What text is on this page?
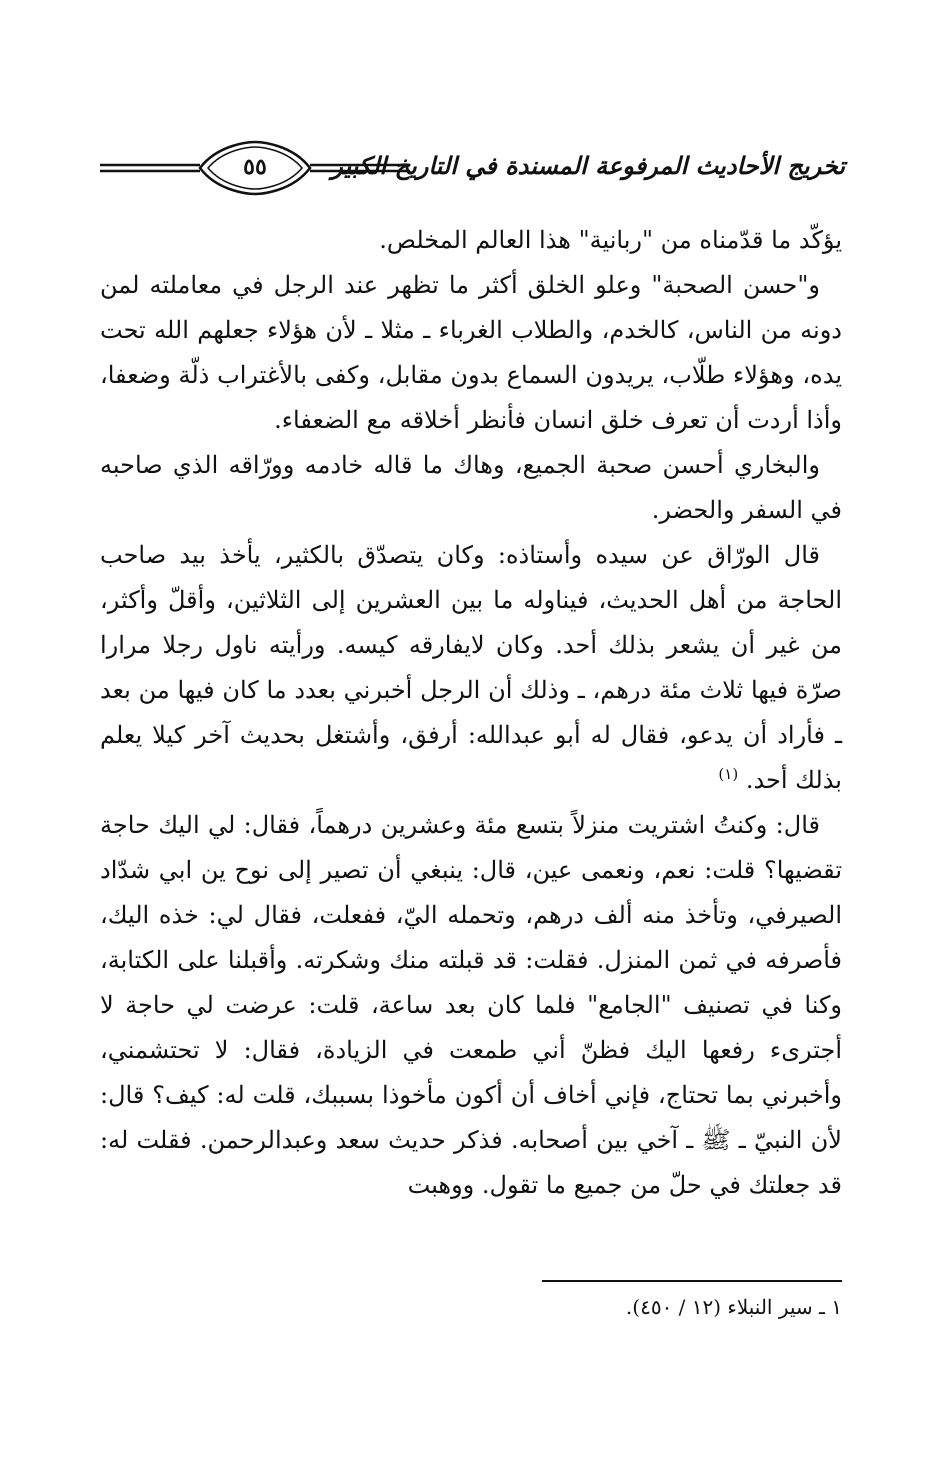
٥٥	تخريج الأحاديث المرفوعة المسندة في التاريخ الكبير

يؤكّد ما قدّمناه من "ربانية" هذا العالم المخلص.

و"حسن الصحبة" وعلو الخلق أكثر ما تظهر عند الرجل في معاملته لمن دونه من الناس، كالخدم، والطلاب الغرباء ـ مثلا ـ لأن هؤلاء جعلهم الله تحت يده، وهؤلاء طلّاب، يريدون السماع بدون مقابل، وكفى بالأغتراب ذلّة وضعفا، وأذا أردت أن تعرف خلق انسان فأنظر أخلاقه مع الضعفاء.

والبخاري أحسن صحبة الجميع، وهاك ما قاله خادمه وورّاقه الذي صاحبه في السفر والحضر.

قال الورّاق عن سيده وأستاذه: وكان يتصدّق بالكثير، يأخذ بيد صاحب الحاجة من أهل الحديث، فيناوله ما بين العشرين إلى الثلاثين، وأقلّ وأكثر، من غير أن يشعر بذلك أحد. وكان لايفارقه كيسه. ورأيته ناول رجلا مرارا صرّة فيها ثلاث مئة درهم، ـ وذلك أن الرجل أخبرني بعدد ما كان فيها من بعد ـ فأراد أن يدعو، فقال له أبو عبدالله: أرفق، وأشتغل بحديث آخر كيلا يعلم بذلك أحد. $^{(١)}$

قال: وكنتُ اشتريت منزلاً بتسع مئة وعشرين درهماً، فقال: لي اليك حاجة تقضيها؟ قلت: نعم، ونعمى عين، قال: ينبغي أن تصير إلى نوح ين ابي شدّاد الصيرفي، وتأخذ منه ألف درهم، وتحمله اليّ، ففعلت، فقال لي: خذه اليك، فأصرفه في ثمن المنزل. فقلت: قد قبلته منك وشكرته. وأقبلنا على الكتابة، وكنا في تصنيف "الجامع" فلما كان بعد ساعة، قلت: عرضت لي حاجة لا أجترىء رفعها اليك فظنّ أني طمعت في الزيادة، فقال: لا تحتشمني، وأخبرني بما تحتاج، فإني أخاف أن أكون مأخوذا بسببك، قلت له: كيف؟ قال: لأن النبيّ ـ ﷺ ـ آخي بين أصحابه. فذكر حديث سعد وعبدالرحمن. فقلت له: قد جعلتك في حلّ من جميع ما تقول. ووهبت

١ ـ سير النبلاء (١٢ / ٤٥٠).
